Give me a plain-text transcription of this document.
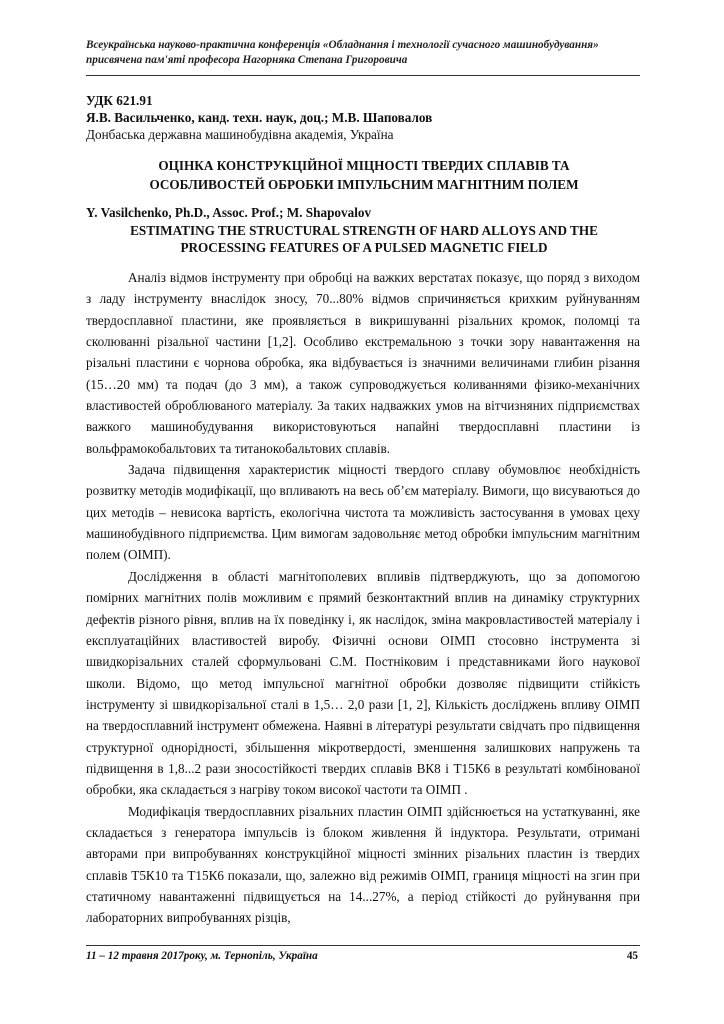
Всеукраїнська науково-практична конференція «Обладнання і технології сучасного машинобудування»
присвячена пам'яті професора Нагорняка Степана Григоровича
УДК 621.91
Я.В. Васильченко, канд. техн. наук, доц.; М.В. Шаповалов
Донбаська державна машинобудівна академія, Україна
ОЦІНКА КОНСТРУКЦІЙНОЇ МІЦНОСТІ ТВЕРДИХ СПЛАВІВ ТА
ОСОБЛИВОСТЕЙ ОБРОБКИ ІМПУЛЬСНИМ МАГНІТНИМ ПОЛЕМ
Y. Vasilchenko, Ph.D., Assoc. Prof.; M. Shapovalov
ESTIMATING THE STRUCTURAL STRENGTH OF HARD ALLOYS AND THE
PROCESSING FEATURES OF A PULSED MAGNETIC FIELD

Аналіз відмов інструменту при обробці на важких верстатах показує, що поряд з виходом з ладу інструменту внаслідок зносу, 70...80% відмов спричиняється крихким руйнуванням твердосплавної пластини, яке проявляється в викришуванні різальних кромок, поломці та сколюванні різальної частини [1,2]. Особливо екстремальною з точки зору навантаження на різальні пластини є чорнова обробка, яка відбувається із значними величинами глибин різання (15…20 мм) та подач (до 3 мм), а також супроводжується коливаннями фізико-механічних властивостей оброблюваного матеріалу. За таких надважких умов на вітчизняних підприємствах важкого машинобудування використовуються напайні твердосплавні пластини із вольфрамокобальтових та титанокобальтових сплавів.

Задача підвищення характеристик міцності твердого сплаву обумовлює необхідність розвитку методів модифікації, що впливають на весь об’єм матеріалу. Вимоги, що висуваються до цих методів – невисока вартість, екологічна чистота та можливість застосування в умовах цеху машинобудівного підприємства. Цим вимогам задовольняє метод обробки імпульсним магнітним полем (ОІМП).

Дослідження в області магнітополевих впливів підтверджують, що за допомогою помірних магнітних полів можливим є прямий безконтактний вплив на динаміку структурних дефектів різного рівня, вплив на їх поведінку і, як наслідок, зміна макровластивостей матеріалу і експлуатаційних властивостей виробу. Фізичні основи ОІМП стосовно інструмента зі швидкорізальних сталей сформульовані С.М. Постніковим і представниками його наукової школи. Відомо, що метод імпульсної магнітної обробки дозволяє підвищити стійкість інструменту зі швидкорізальної сталі в 1,5… 2,0 рази [1, 2], Кількість досліджень впливу ОІМП на твердосплавний інструмент обмежена. Наявні в літературі результати свідчать про підвищення структурної однорідності, збільшення мікротвердості, зменшення залишкових напружень та підвищення в 1,8...2 рази зносостійкості твердих сплавів ВК8 і Т15К6 в результаті комбінованої обробки, яка складається з нагріву током високої частоти та ОІМП .

Модифікація твердосплавних різальних пластин ОІМП здійснюється на устаткуванні, яке складається з генератора імпульсів із блоком живлення й індуктора. Результати, отримані авторами при випробуваннях конструкційної міцності змінних різальних пластин із твердих сплавів Т5К10 та Т15К6 показали, що, залежно від режимів ОІМП, границя міцності на згин при статичному навантаженні підвищується на 14...27%, а період стійкості до руйнування при лабораторних випробуваннях різців,

11 – 12 травня 2017року, м. Тернопіль, Україна	45
